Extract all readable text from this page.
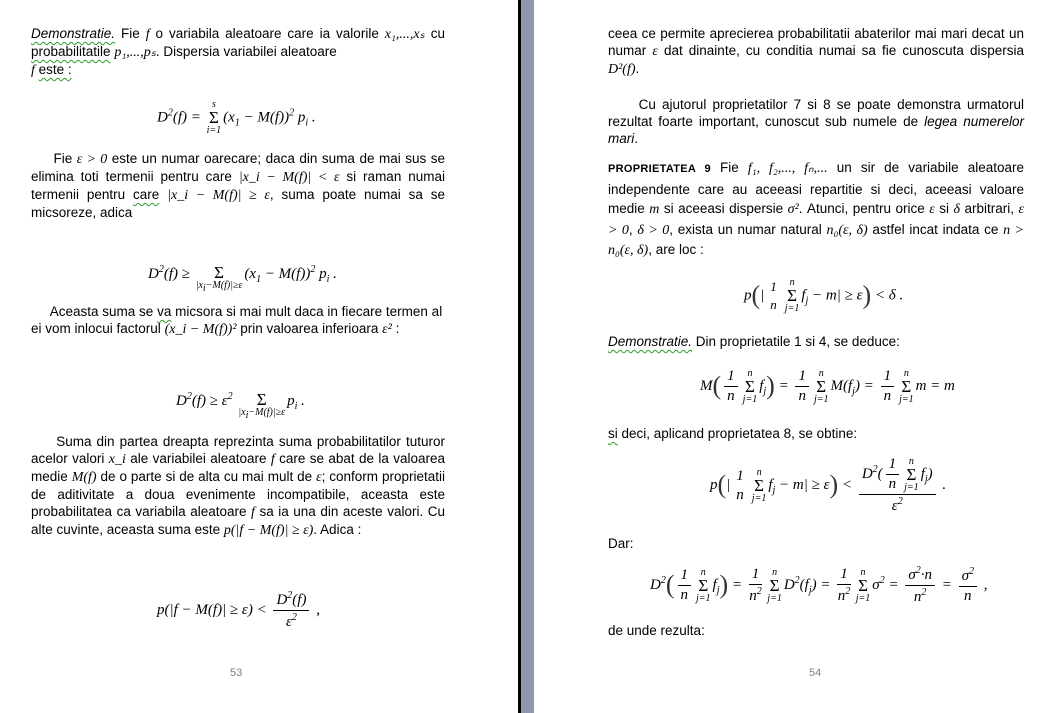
Demonstratie. Fie f o variabila aleatoare care ia valorile x₁,...,xₛ cu probabilitatile p₁,...,pₛ. Dispersia variabilei aleatoare
f este :
$D^2(f) = s$
Σ
$i=1(x_1 - M(f))^2$ $p_i$ .
Fie ε > 0 este un numar oarecare; daca din suma de mai sus se elimina toti termenii pentru care |x_i − M(f)| < ε si raman numai termenii pentru care |x_i − M(f)| ≥ ε, suma poate numai sa se micsoreze, adica
$D^2(f)$ ≥	Σ
$|x_i-M(f)|\ge\varepsilon(x_1 - M(f))^2$ $p_i$ .
Aceasta suma se va micsora si mai mult daca in fiecare termen al ei vom inlocui factorul (x_i − M(f))² prin valoarea inferioara ε² :
$D^2(f) \ge \varepsilon^2$	Σ
$|x_i-M(f)|\ge\varepsilon p_i$ .
Suma din partea dreapta reprezinta suma probabilitatilor tuturor acelor valori x_i ale variabilei aleatoare f care se abat de la valoarea medie M(f) de o parte si de alta cu mai mult de ε; conform proprietatii de aditivitate a doua evenimente incompatibile, aceasta este probabilitatea ca variabila aleatoare f sa ia una din aceste valori. Cu alte cuvinte, aceasta suma este p(|f − M(f)| ≥ ε). Adica :
$p(|f - M(f)| \ge \varepsilon) < \frac{D^2(f)}{\varepsilon^2}$ ,
53
ceea ce permite aprecierea probabilitatii abaterilor mai mari decat un numar ε dat dinainte, cu conditia numai sa fie cunoscuta dispersia D²(f).
Cu ajutorul proprietatilor 7 si 8 se poate demonstra urmatorul rezultat foarte important, cunoscut sub numele de legea numerelor mari.
PROPRIETATEA 9 Fie f₁, f₂,..., fₙ,... un sir de variabile aleatoare independente care au aceeasi repartitie si deci, aceeasi valoare medie m si aceeasi dispersie σ². Atunci, pentru orice ε si δ arbitrari, ε > 0, δ > 0, exista un numar natural n₀(ε, δ) astfel incat indata ce n > n₀(ε, δ), are loc :
p(|
1
n
n
Σ
$j=1f_j - m| \ge \varepsilon) < \delta$ .
Demonstratie. Din proprietatile 1 si 4, se deduce:
$M( \frac{1}{n}$ n
Σ
$j=1f_j) = \frac{1}{n}$ n
Σ
$j=1M(f_j) = \frac{1}{n}$ n
Σ
j=1m = m
si deci, aplicand proprietatea 8, se obtine:
p(|
1
n
n
Σ
$j=1f_j - m| \ge \varepsilon) < D^2( \frac{1}{n}$ n
Σ
$j=1f_j$)
$\varepsilon^2$ .
Dar:
$D^2( \frac{1}{n}$ n
Σ
$j=1f_j) = \frac{1}{n^2}$ n
Σ
$j=1D^2(f_j) = \frac{1}{n^2}$ n
Σ
$j=1\sigma^2 = \frac{\sigma^2\cdot n}{n^2} = \frac{\sigma^2}{n}$ ,
de unde rezulta:
54
